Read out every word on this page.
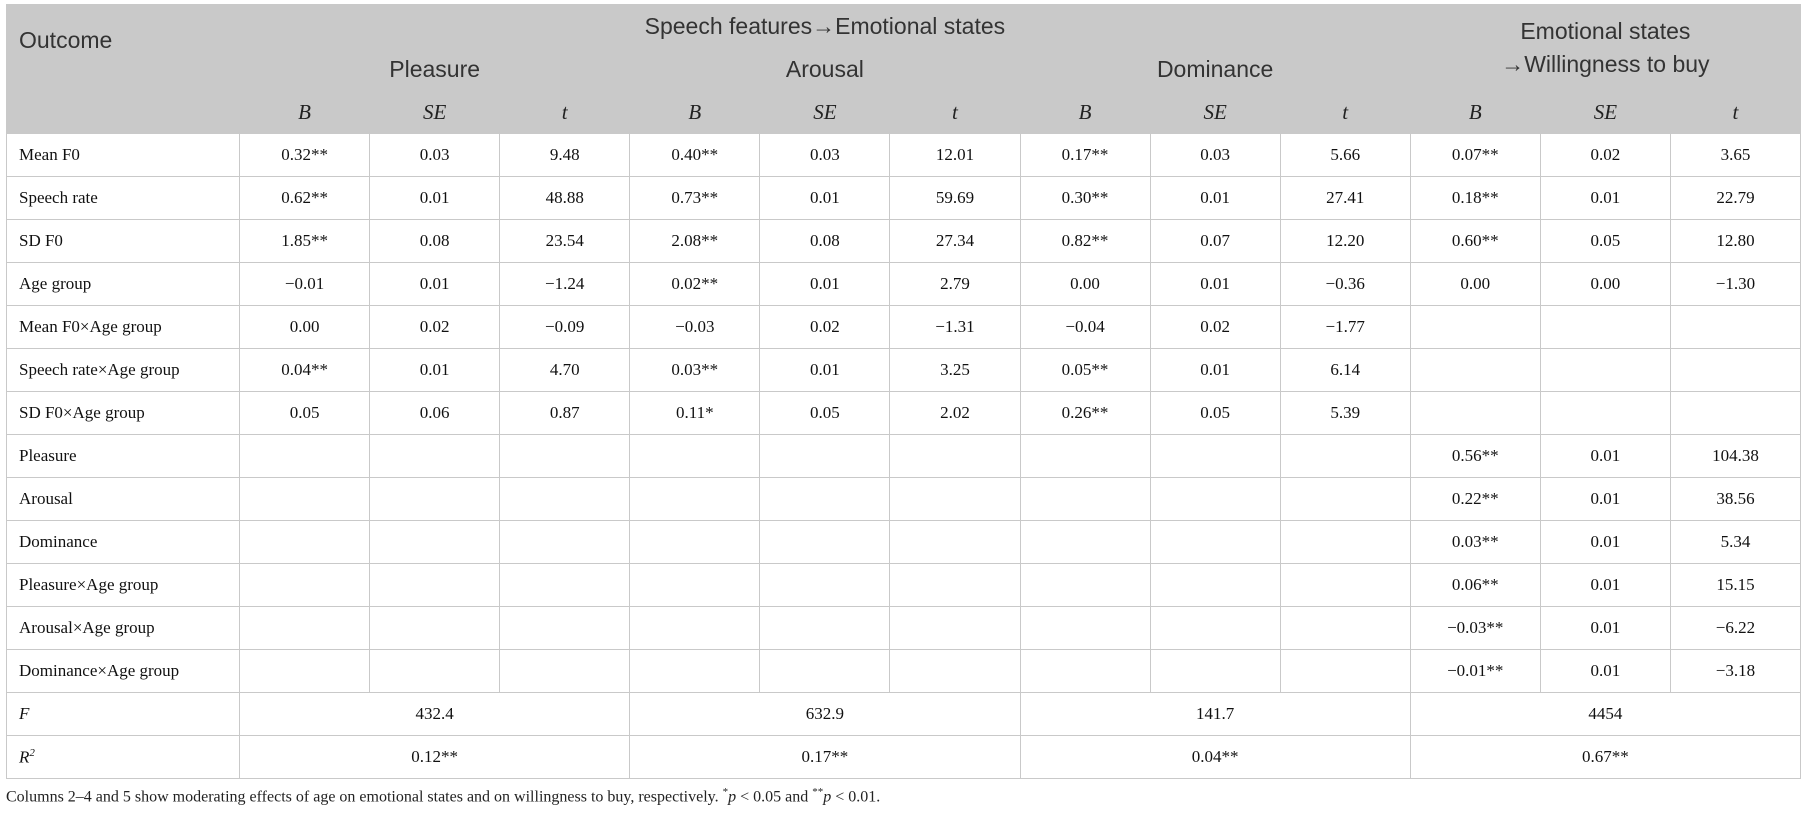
Outcome	Speech features→Emotional states									Emotional states
→Willingness to buy		
	Pleasure			Arousal			Dominance					
	B	SE	t	B	SE	t	B	SE	t	B	SE	t
Mean F0	0.32**	0.03	9.48	0.40**	0.03	12.01	0.17**	0.03	5.66	0.07**	0.02	3.65
Speech rate	0.62**	0.01	48.88	0.73**	0.01	59.69	0.30**	0.01	27.41	0.18**	0.01	22.79
SD F0	1.85**	0.08	23.54	2.08**	0.08	27.34	0.82**	0.07	12.20	0.60**	0.05	12.80
Age group	−0.01	0.01	−1.24	0.02**	0.01	2.79	0.00	0.01	−0.36	0.00	0.00	−1.30
Mean F0×Age group	0.00	0.02	−0.09	−0.03	0.02	−1.31	−0.04	0.02	−1.77			
Speech rate×Age group	0.04**	0.01	4.70	0.03**	0.01	3.25	0.05**	0.01	6.14			
SD F0×Age group	0.05	0.06	0.87	0.11*	0.05	2.02	0.26**	0.05	5.39			
Pleasure										0.56**	0.01	104.38
Arousal										0.22**	0.01	38.56
Dominance										0.03**	0.01	5.34
Pleasure×Age group										0.06**	0.01	15.15
Arousal×Age group										−0.03**	0.01	−6.22
Dominance×Age group										−0.01**	0.01	−3.18
F	432.4			632.9			141.7			4454		
$R^2$	0.12**			0.17**			0.04**			0.67**		
Columns 2–4 and 5 show moderating effects of age on emotional states and on willingness to buy, respectively. *p < 0.05 and **p < 0.01.
